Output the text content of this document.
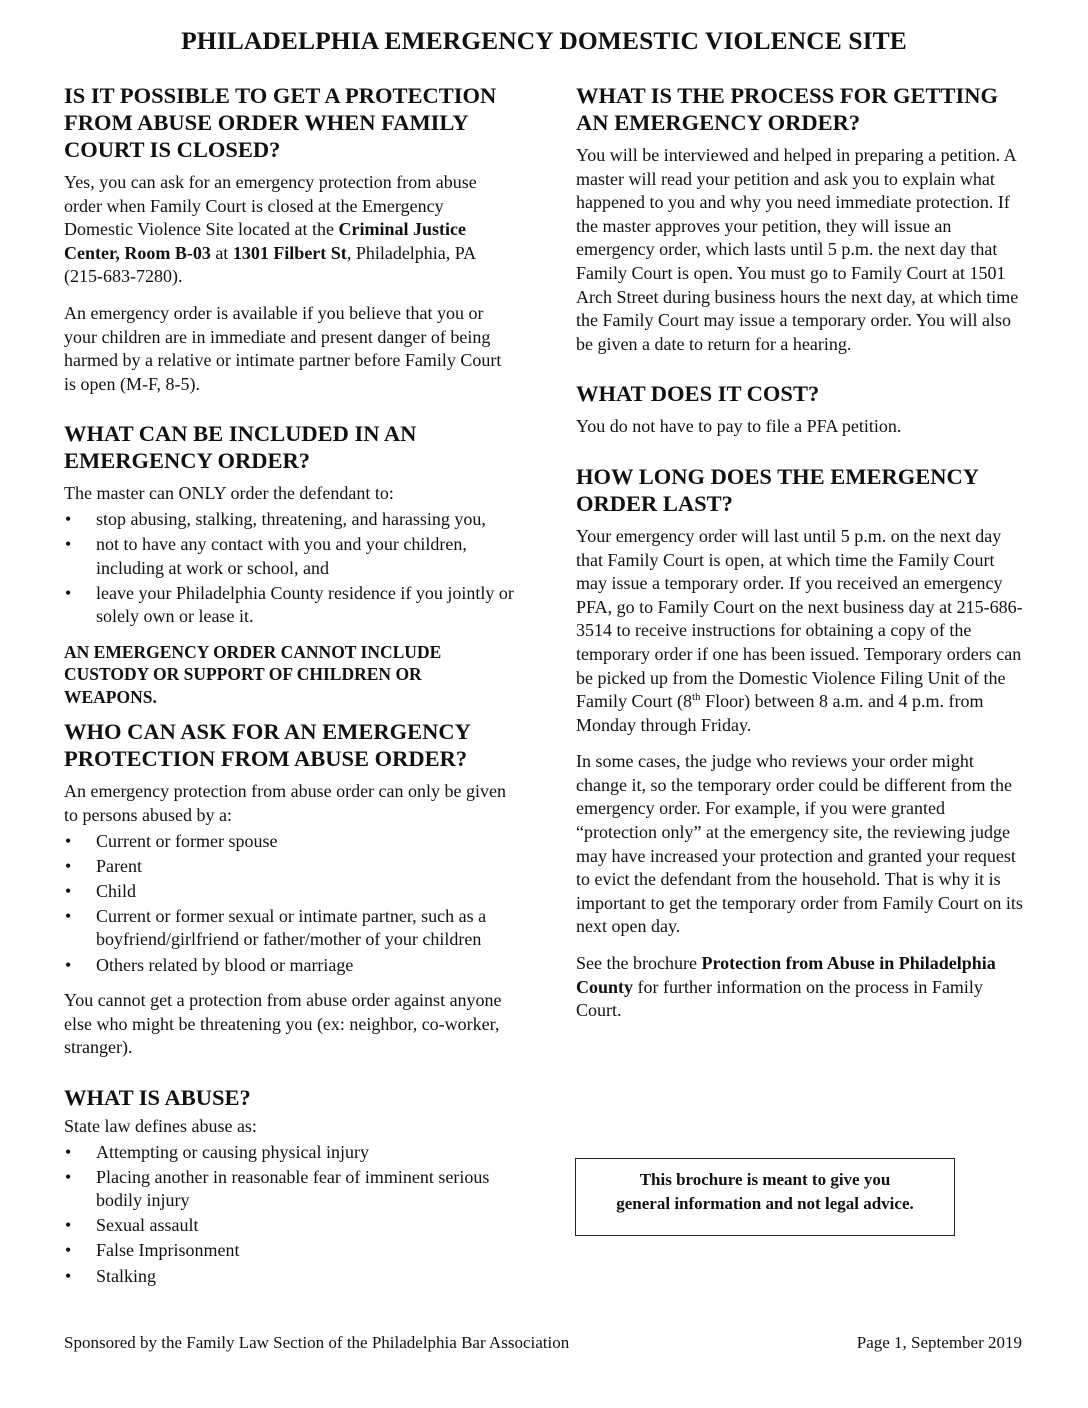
PHILADELPHIA EMERGENCY DOMESTIC VIOLENCE SITE
IS IT POSSIBLE TO GET A PROTECTION FROM ABUSE ORDER WHEN FAMILY COURT IS CLOSED?

Yes, you can ask for an emergency protection from abuse order when Family Court is closed at the Emergency Domestic Violence Site located at the Criminal Justice Center, Room B-03 at 1301 Filbert St, Philadelphia, PA (215-683-7280).

An emergency order is available if you believe that you or your children are in immediate and present danger of being harmed by a relative or intimate partner before Family Court is open (M-F, 8-5).

WHAT CAN BE INCLUDED IN AN EMERGENCY ORDER?

The master can ONLY order the defendant to:

• stop abusing, stalking, threatening, and harassing you,
• not to have any contact with you and your children, including at work or school, and
• leave your Philadelphia County residence if you jointly or solely own or lease it.
AN EMERGENCY ORDER CANNOT INCLUDE CUSTODY OR SUPPORT OF CHILDREN OR WEAPONS.
WHO CAN ASK FOR AN EMERGENCY PROTECTION FROM ABUSE ORDER?

An emergency protection from abuse order can only be given to persons abused by a:

• Current or former spouse
• Parent
• Child
• Current or former sexual or intimate partner, such as a boyfriend/girlfriend or father/mother of your children
• Others related by blood or marriage

You cannot get a protection from abuse order against anyone else who might be threatening you (ex: neighbor, co-worker, stranger).

WHAT IS ABUSE?

State law defines abuse as:

• Attempting or causing physical injury
• Placing another in reasonable fear of imminent serious bodily injury
• Sexual assault
• False Imprisonment
• Stalking
WHAT IS THE PROCESS FOR GETTING AN EMERGENCY ORDER?

You will be interviewed and helped in preparing a petition. A master will read your petition and ask you to explain what happened to you and why you need immediate protection. If the master approves your petition, they will issue an emergency order, which lasts until 5 p.m. the next day that Family Court is open. You must go to Family Court at 1501 Arch Street during business hours the next day, at which time the Family Court may issue a temporary order. You will also be given a date to return for a hearing.

WHAT DOES IT COST?

You do not have to pay to file a PFA petition.

HOW LONG DOES THE EMERGENCY ORDER LAST?

Your emergency order will last until 5 p.m. on the next day that Family Court is open, at which time the Family Court may issue a temporary order. If you received an emergency PFA, go to Family Court on the next business day at 215-686-3514 to receive instructions for obtaining a copy of the temporary order if one has been issued. Temporary orders can be picked up from the Domestic Violence Filing Unit of the Family Court (8th Floor) between 8 a.m. and 4 p.m. from Monday through Friday.

In some cases, the judge who reviews your order might change it, so the temporary order could be different from the emergency order. For example, if you were granted “protection only” at the emergency site, the reviewing judge may have increased your protection and granted your request to evict the defendant from the household. That is why it is important to get the temporary order from Family Court on its next open day.

See the brochure Protection from Abuse in Philadelphia County for further information on the process in Family Court.

This brochure is meant to give you
general information and not legal advice.
Sponsored by the Family Law Section of the Philadelphia Bar Association	Page 1, September 2019
